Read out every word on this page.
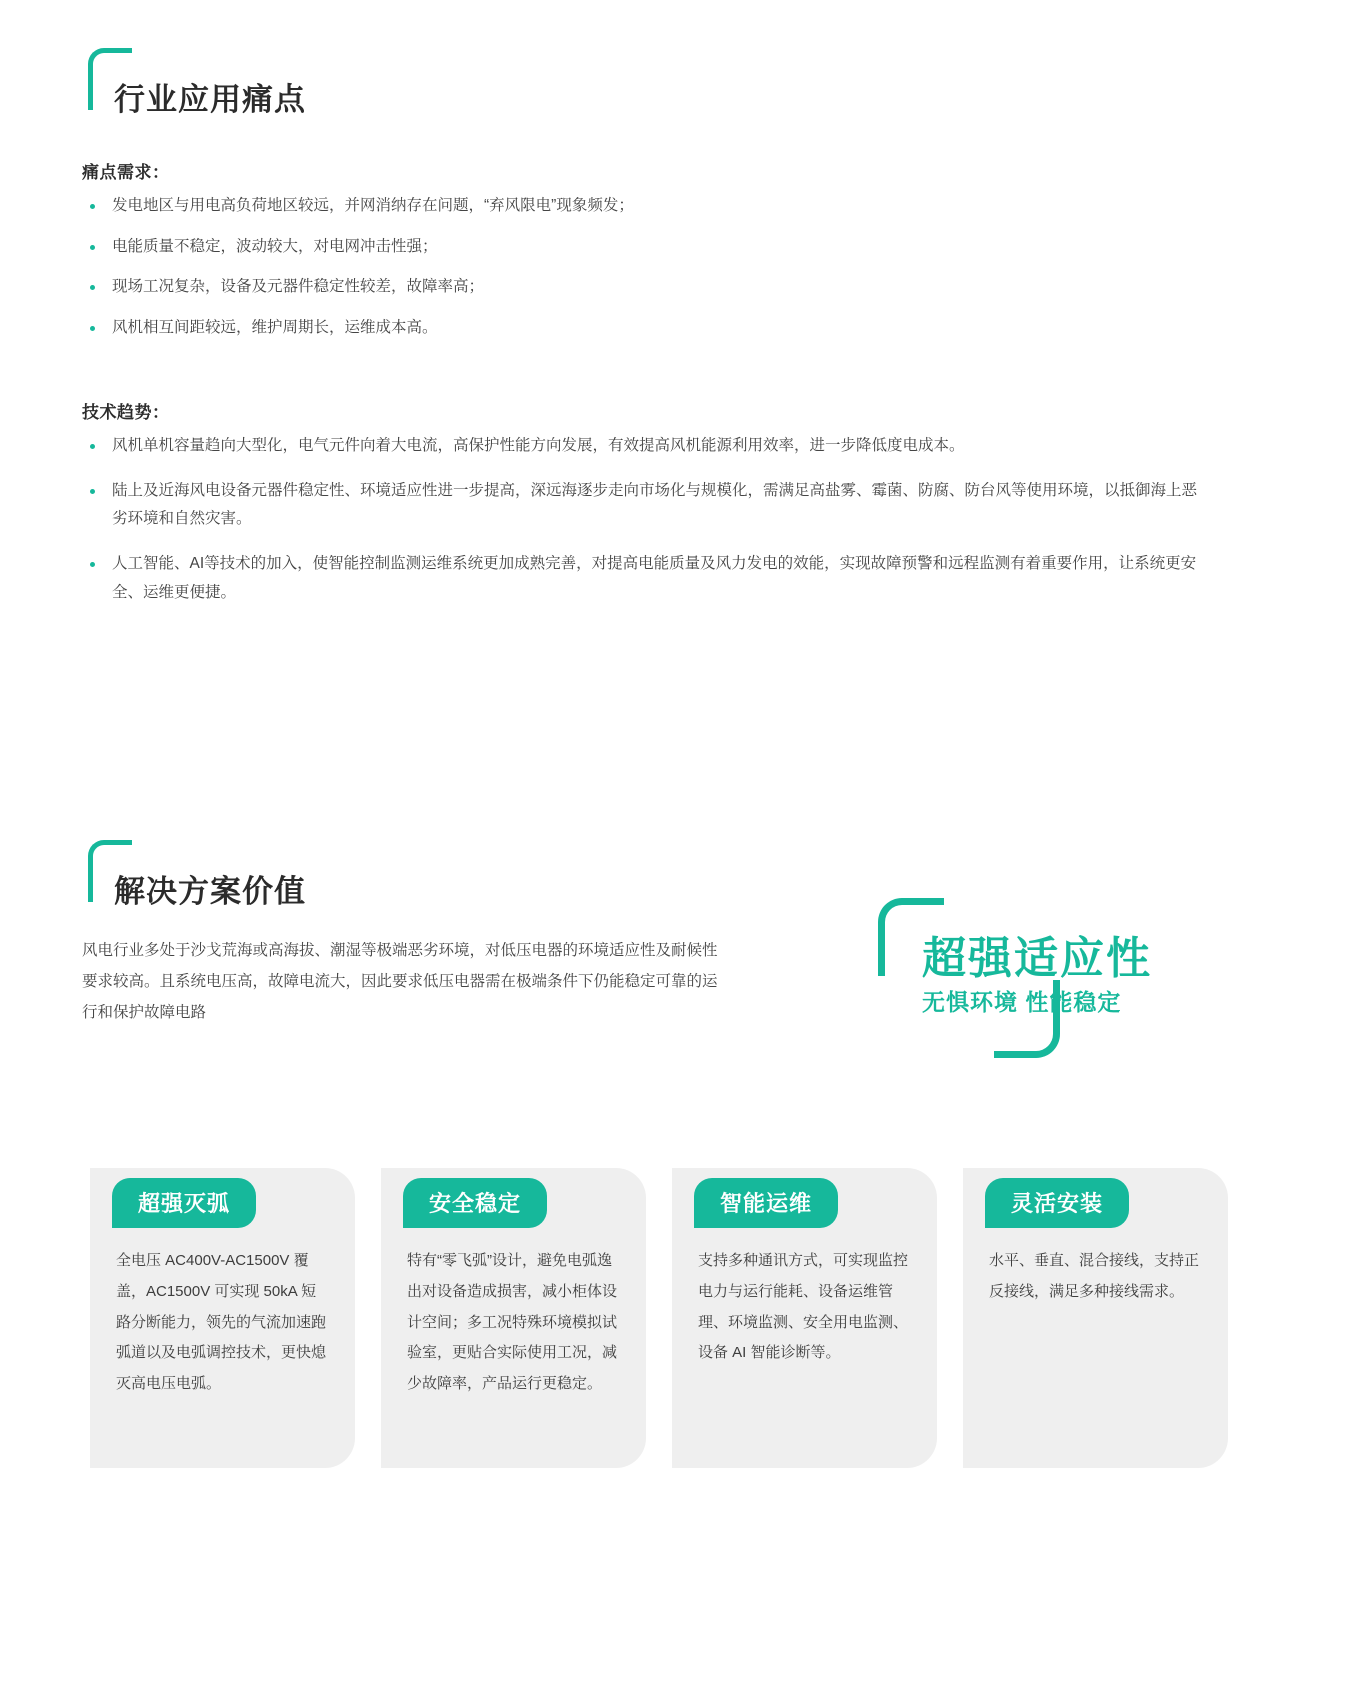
行业应用痛点
痛点需求：
发电地区与用电高负荷地区较远，并网消纳存在问题，“弃风限电”现象频发；
电能质量不稳定，波动较大，对电网冲击性强；
现场工况复杂，设备及元器件稳定性较差，故障率高；
风机相互间距较远，维护周期长，运维成本高。
技术趋势：
风机单机容量趋向大型化，电气元件向着大电流，高保护性能方向发展，有效提高风机能源利用效率，进一步降低度电成本。
陆上及近海风电设备元器件稳定性、环境适应性进一步提高，深远海逐步走向市场化与规模化，需满足高盐雾、霉菌、防腐、防台风等使用环境，以抵御海上恶劣环境和自然灾害。
人工智能、AI等技术的加入，使智能控制监测运维系统更加成熟完善，对提高电能质量及风力发电的效能，实现故障预警和远程监测有着重要作用，让系统更安全、运维更便捷。
解决方案价值
风电行业多处于沙戈荒海或高海拔、潮湿等极端恶劣环境，对低压电器的环境适应性及耐候性要求较高。且系统电压高，故障电流大，因此要求低压电器需在极端条件下仍能稳定可靠的运行和保护故障电路
超强适应性
无惧环境 性能稳定
超强灭弧
全电压 AC400V-AC1500V 覆盖，AC1500V 可实现 50kA 短路分断能力，领先的气流加速跑弧道以及电弧调控技术，更快熄灭高电压电弧。
安全稳定
特有“零飞弧”设计，避免电弧逸出对设备造成损害，减小柜体设计空间；多工况特殊环境模拟试验室，更贴合实际使用工况，减少故障率，产品运行更稳定。
智能运维
支持多种通讯方式，可实现监控电力与运行能耗、设备运维管理、环境监测、安全用电监测、设备 AI 智能诊断等。
灵活安装
水平、垂直、混合接线，支持正反接线，满足多种接线需求。
